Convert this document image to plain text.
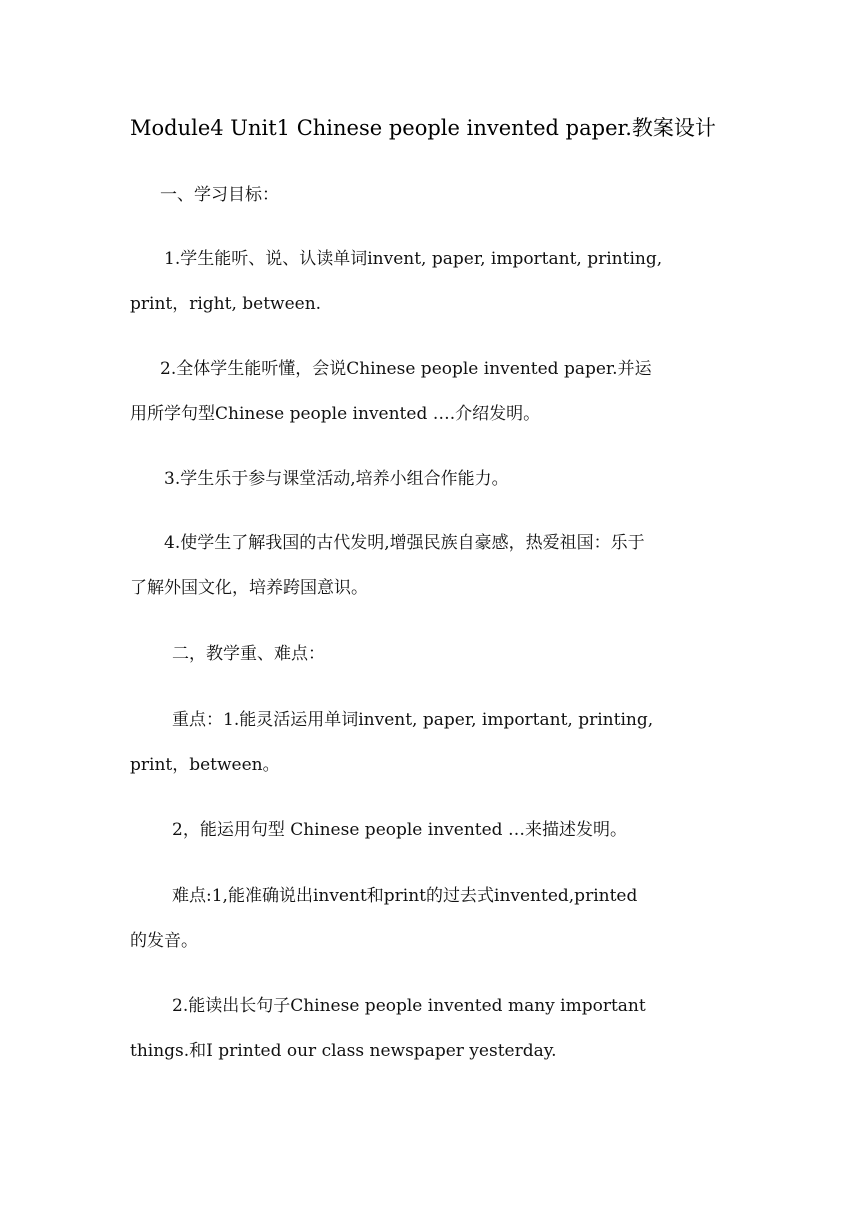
Module4 Unit1 Chinese people invented paper.教案设计
一、学习目标：
1.学生能听、说、认读单词invent, paper, important, printing,
print，right, between.
2.全体学生能听懂，会说Chinese people invented paper.并运
用所学句型Chinese people invented ….介绍发明。
3.学生乐于参与课堂活动,培养小组合作能力。
4.使学生了解我国的古代发明,增强民族自豪感，热爱祖国：乐于
了解外国文化，培养跨国意识。
二，教学重、难点：
重点：1.能灵活运用单词invent, paper, important, printing,
print，between。
2，能运用句型 Chinese people invented …来描述发明。
难点:1,能准确说出invent和print的过去式invented,printed
的发音。
2.能读出长句子Chinese people invented many important
things.和I printed our class newspaper yesterday.
